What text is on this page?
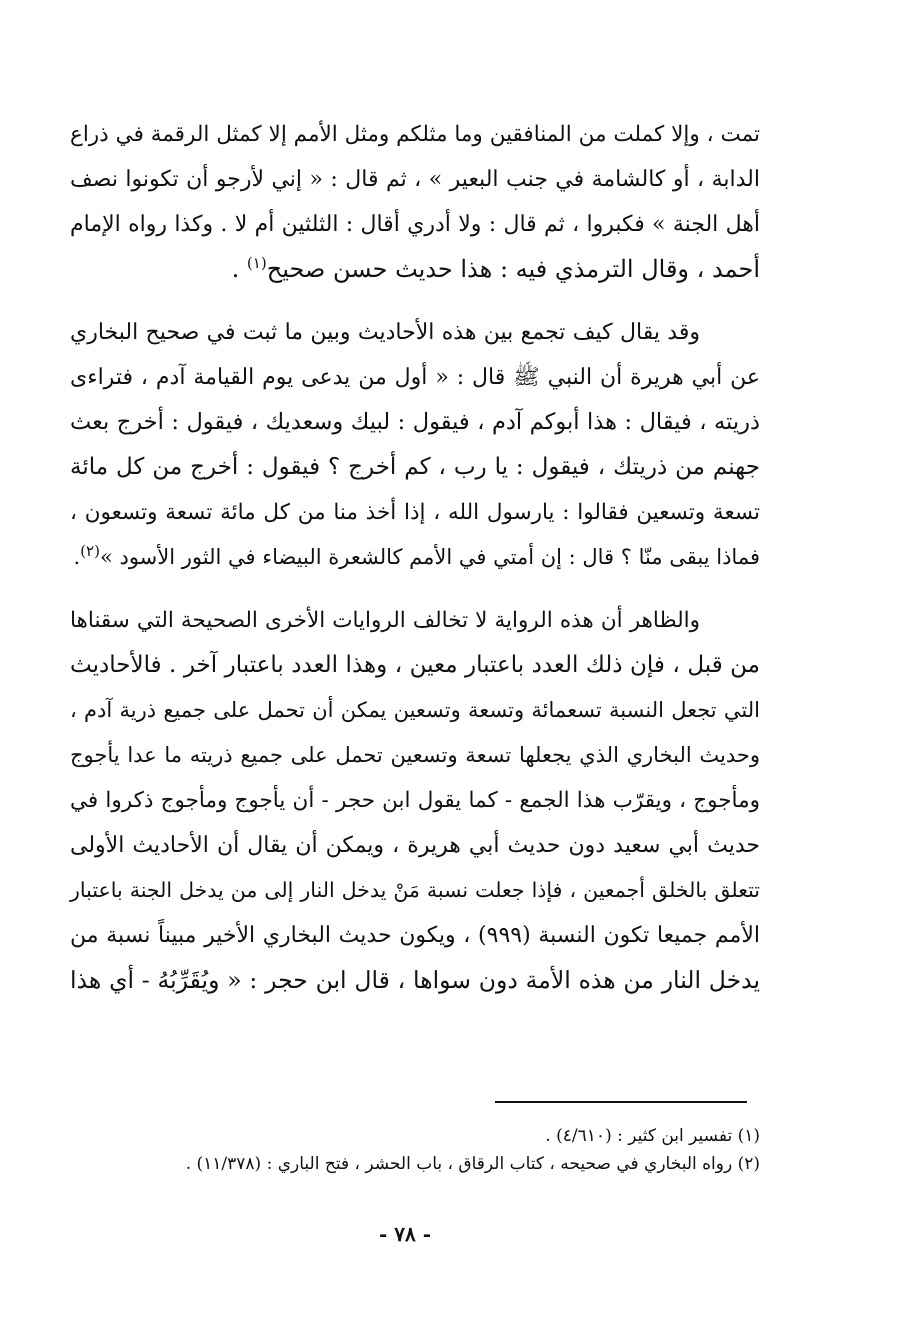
تمت ، وإلا كملت من المنافقين وما مثلكم ومثل الأمم إلا كمثل الرقمة في ذراع
الدابة ، أو كالشامة في جنب البعير » ، ثم قال : « إني لأرجو أن تكونوا نصف
أهل الجنة » فكبروا ، ثم قال : ولا أدري أقال : الثلثين أم لا . وكذا رواه الإمام
أحمد ، وقال الترمذي فيه : هذا حديث حسن صحيح$^{(١)}$ .

وقد يقال كيف تجمع بين هذه الأحاديث وبين ما ثبت في صحيح البخاري
عن أبي هريرة أن النبي ﷺ قال : « أول من يدعى يوم القيامة آدم ، فتراءى
ذريته ، فيقال : هذا أبوكم آدم ، فيقول : لبيك وسعديك ، فيقول : أخرج بعث
جهنم من ذريتك ، فيقول : يا رب ، كم أخرج ؟ فيقول : أخرج من كل مائة
تسعة وتسعين فقالوا : يارسول الله ، إذا أخذ منا من كل مائة تسعة وتسعون ،
فماذا يبقى منّا ؟ قال : إن أمتي في الأمم كالشعرة البيضاء في الثور الأسود »$^{(٢)}$.

والظاهر أن هذه الرواية لا تخالف الروايات الأخرى الصحيحة التي سقناها
من قبل ، فإن ذلك العدد باعتبار معين ، وهذا العدد باعتبار آخر . فالأحاديث
التي تجعل النسبة تسعمائة وتسعة وتسعين يمكن أن تحمل على جميع ذرية آدم ،
وحديث البخاري الذي يجعلها تسعة وتسعين تحمل على جميع ذريته ما عدا يأجوج
ومأجوج ، ويقرّب هذا الجمع - كما يقول ابن حجر - أن يأجوج ومأجوج ذكروا في
حديث أبي سعيد دون حديث أبي هريرة ، ويمكن أن يقال أن الأحاديث الأولى
تتعلق بالخلق أجمعين ، فإذا جعلت نسبة مَنْ يدخل النار إلى من يدخل الجنة باعتبار
الأمم جميعا تكون النسبة (٩٩٩) ، ويكون حديث البخاري الأخير مبيناً نسبة من
يدخل النار من هذه الأمة دون سواها ، قال ابن حجر : « ويُقَرِّبُهُ - أي هذا

(١) تفسير ابن كثير : (٤/٦١٠) .
(٢) رواه البخاري في صحيحه ، كتاب الرقاق ، باب الحشر ، فتح الباري : (١١/٣٧٨) .
- ٧٨ -
